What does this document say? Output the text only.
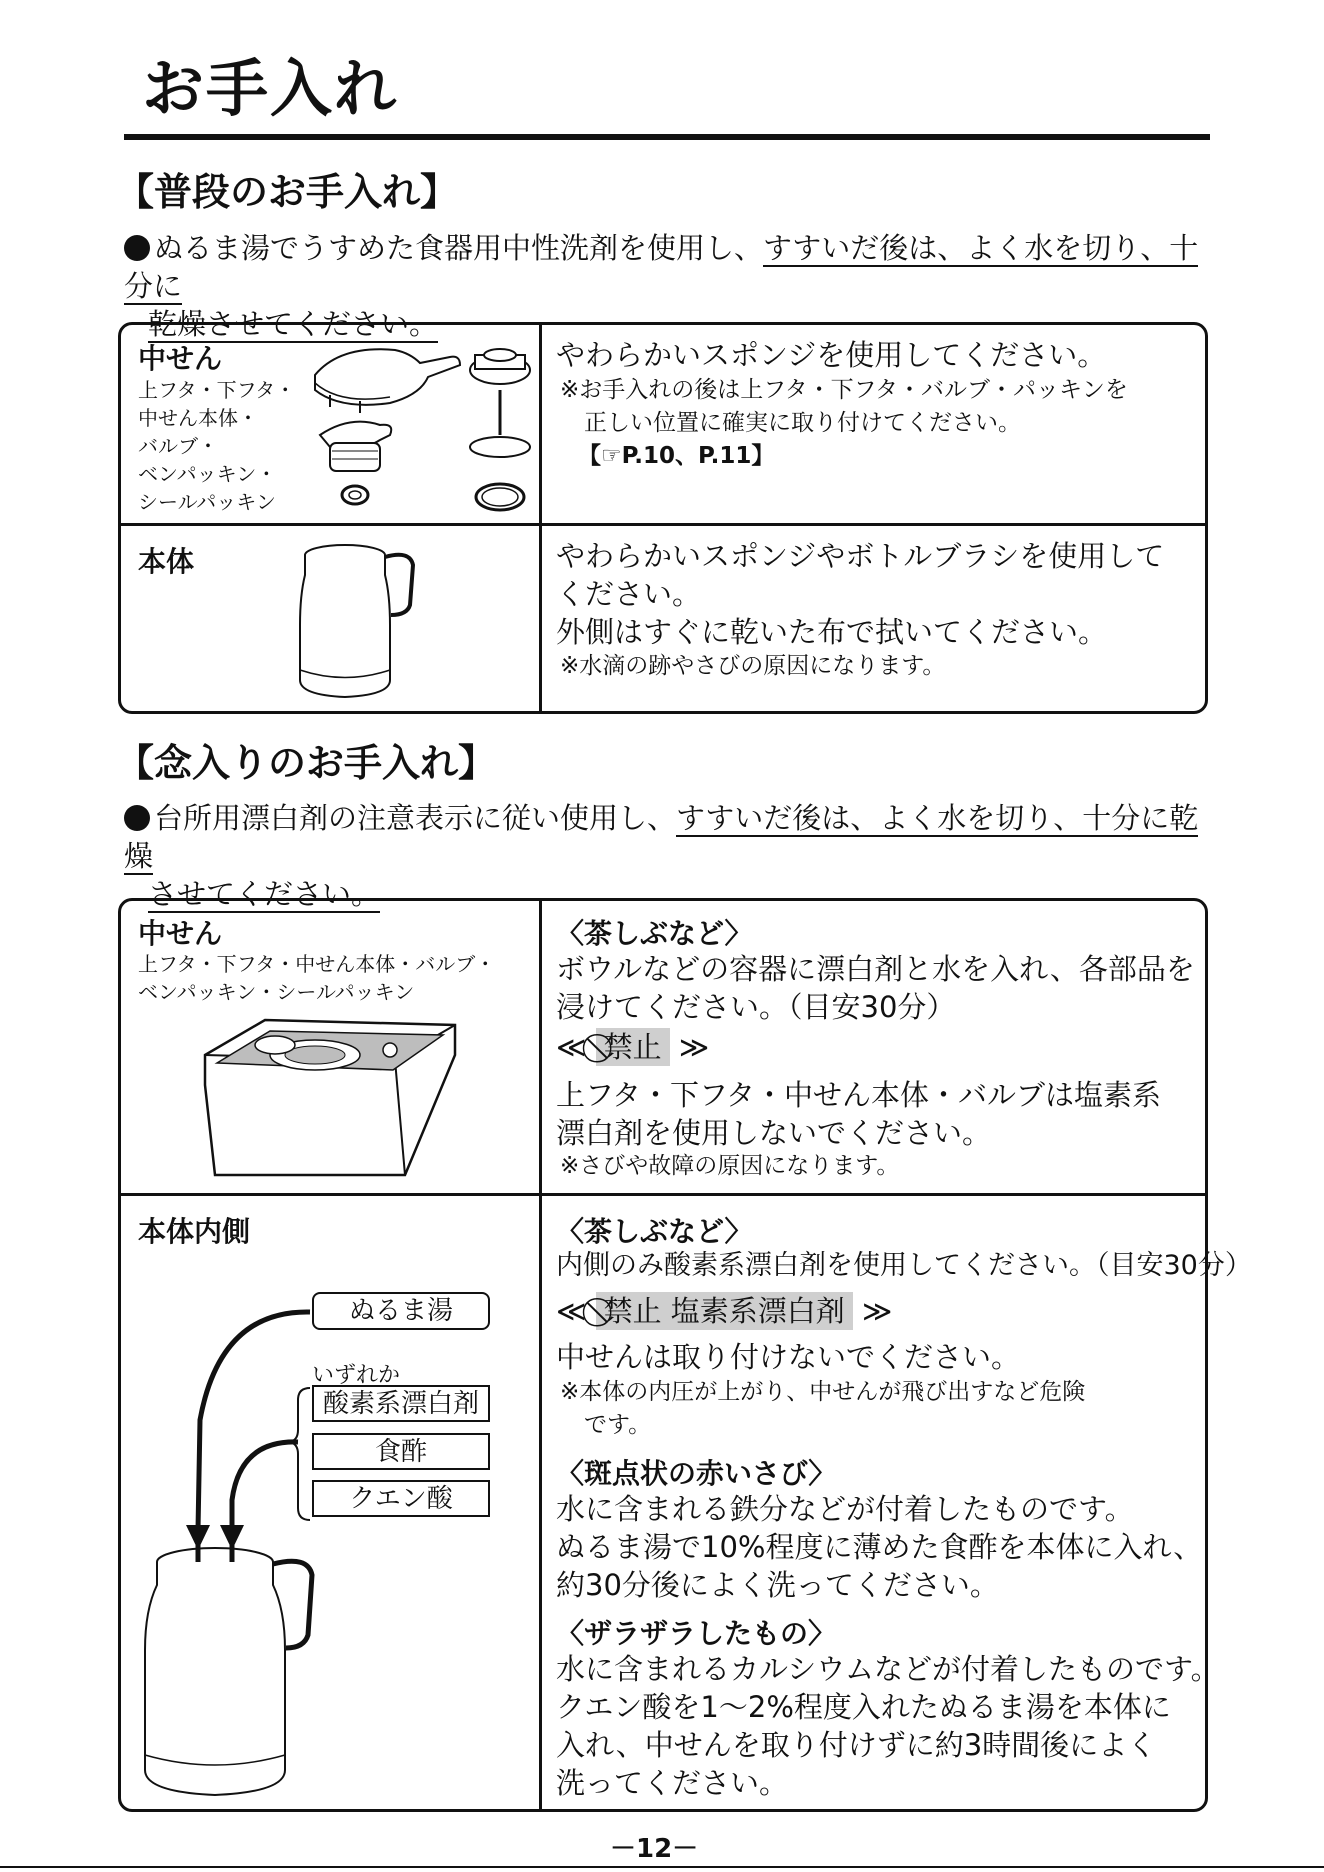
お手入れ
【普段のお手入れ】
ぬるま湯でうすめた食器用中性洗剤を使用し、すすいだ後は、よく水を切り、十分に
乾燥させてください。
中せん
上フタ・下フタ・
中せん本体・
バルブ・
ベンパッキン・
シールパッキン
やわらかいスポンジを使用してください。
※お手入れの後は上フタ・下フタ・バルブ・パッキンを
正しい位置に確実に取り付けてください。
【☞P.10、P.11】
本体	やわらかいスポンジやボトルブラシを使用して
ください。
外側はすぐに乾いた布で拭いてください。
※水滴の跡やさびの原因になります。
【念入りのお手入れ】
台所用漂白剤の注意表示に従い使用し、すすいだ後は、よく水を切り、十分に乾燥
させてください。
中せん
上フタ・下フタ・中せん本体・バルブ・
ベンパッキン・シールパッキン
〈茶しぶなど〉
ボウルなどの容器に漂白剤と水を入れ、各部品を
浸けてください。（目安30分）
≪ ⃠禁止 ≫
上フタ・下フタ・中せん本体・バルブは塩素系
漂白剤を使用しないでください。
※さびや故障の原因になります。
本体内側
ぬるま湯
いずれか
酸素系漂白剤
食酢
クエン酸
〈茶しぶなど〉
内側のみ酸素系漂白剤を使用してください。（目安30分）
≪ ⃠禁止 塩素系漂白剤 ≫
中せんは取り付けないでください。
※本体の内圧が上がり、中せんが飛び出すなど危険
です。
〈斑点状の赤いさび〉
水に含まれる鉄分などが付着したものです。
ぬるま湯で10%程度に薄めた食酢を本体に入れ、
約30分後によく洗ってください。
〈ザラザラしたもの〉
水に含まれるカルシウムなどが付着したものです。
クエン酸を1〜2%程度入れたぬるま湯を本体に
入れ、中せんを取り付けずに約3時間後によく
洗ってください。
－12－
